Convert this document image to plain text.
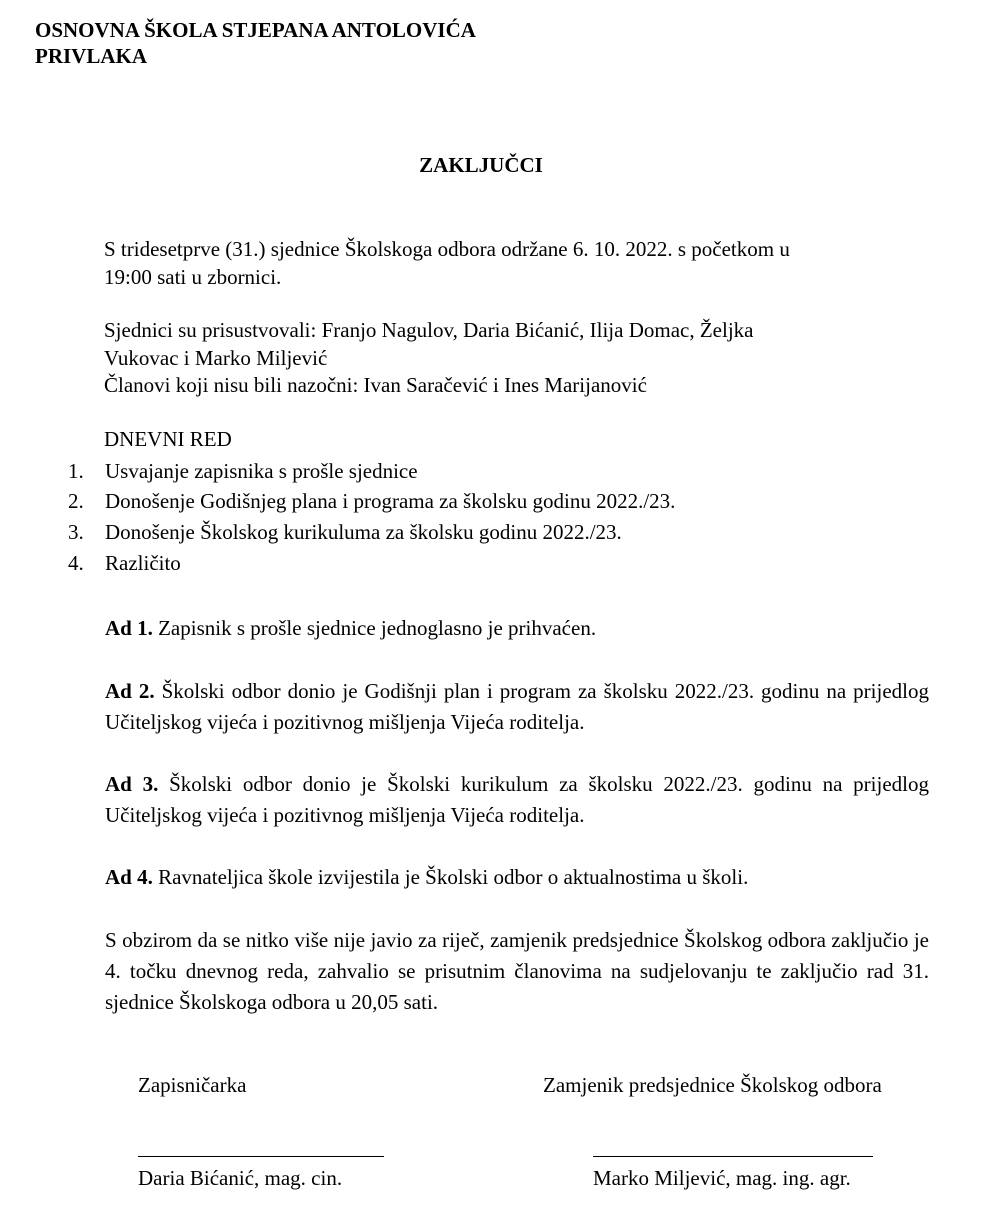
OSNOVNA ŠKOLA STJEPANA ANTOLOVIĆA
PRIVLAKA
ZAKLJUČCI
S tridesetprve (31.) sjednice Školskoga odbora održane 6. 10. 2022. s početkom u
19:00 sati u zbornici.
Sjednici su prisustvovali: Franjo Nagulov, Daria Bićanić, Ilija Domac, Željka
Vukovac i Marko Miljević
Članovi koji nisu bili nazočni: Ivan Saračević i Ines Marijanović
DNEVNI RED
1. Usvajanje zapisnika s prošle sjednice
2. Donošenje Godišnjeg plana i programa za školsku godinu 2022./23.
3. Donošenje Školskog kurikuluma za školsku godinu 2022./23.
4. Različito
Ad 1. Zapisnik s prošle sjednice jednoglasno je prihvaćen.
Ad 2. Školski odbor donio je Godišnji plan i program za školsku 2022./23. godinu na prijedlog Učiteljskog vijeća i pozitivnog mišljenja Vijeća roditelja.
Ad 3. Školski odbor donio je Školski kurikulum za školsku 2022./23. godinu na prijedlog Učiteljskog vijeća i pozitivnog mišljenja Vijeća roditelja.
Ad 4. Ravnateljica škole izvijestila je Školski odbor o aktualnostima u školi.
S obzirom da se nitko više nije javio za riječ, zamjenik predsjednice Školskog odbora zaključio je 4. točku dnevnog reda, zahvalio se prisutnim članovima na sudjelovanju te zaključio rad 31. sjednice Školskoga odbora u 20,05 sati.
Zapisničarka	Zamjenik predsjednice Školskog odbora
Daria Bićanić, mag. cin.	Marko Miljević, mag. ing. agr.
